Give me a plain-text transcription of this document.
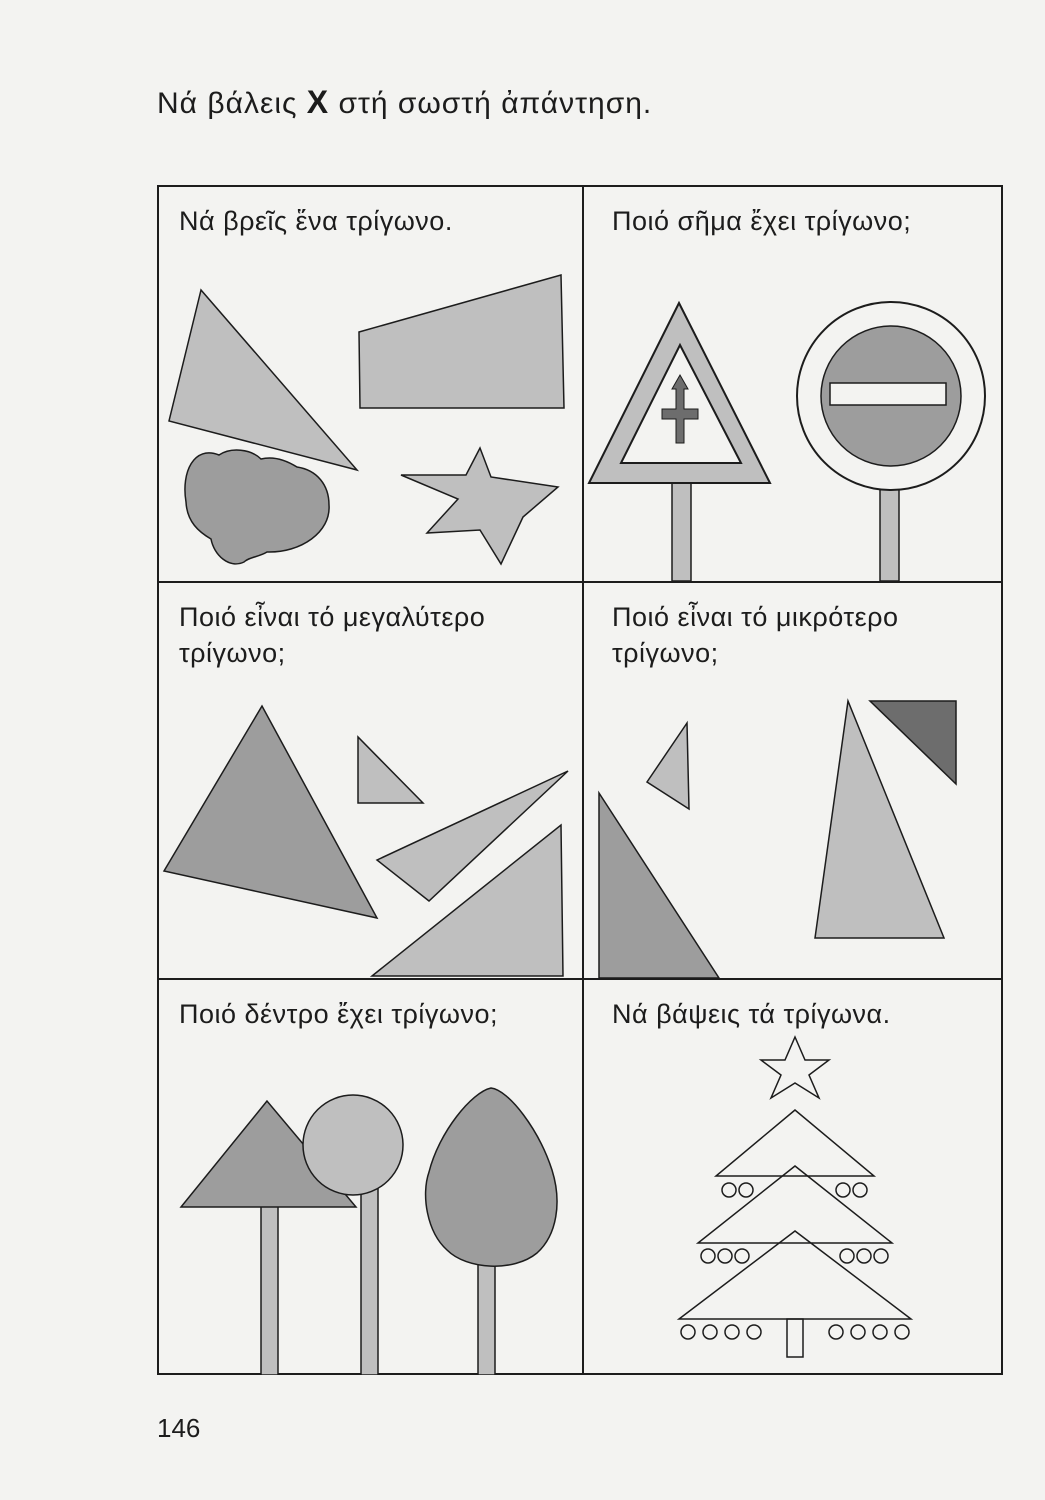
Νά βάλεις X στή σωστή ἀπάντηση.
Νά βρεῖς ἕνα τρίγωνο.	Ποιό σῆμα ἔχει τρίγωνο;
Ποιό εἶναι τό μεγαλύτερο τρίγωνο;
Ποιό εἶναι τό μικρότερο τρίγωνο;
Ποιό δέντρο ἔχει τρίγωνο;	Νά βάψεις τά τρίγωνα.
146
